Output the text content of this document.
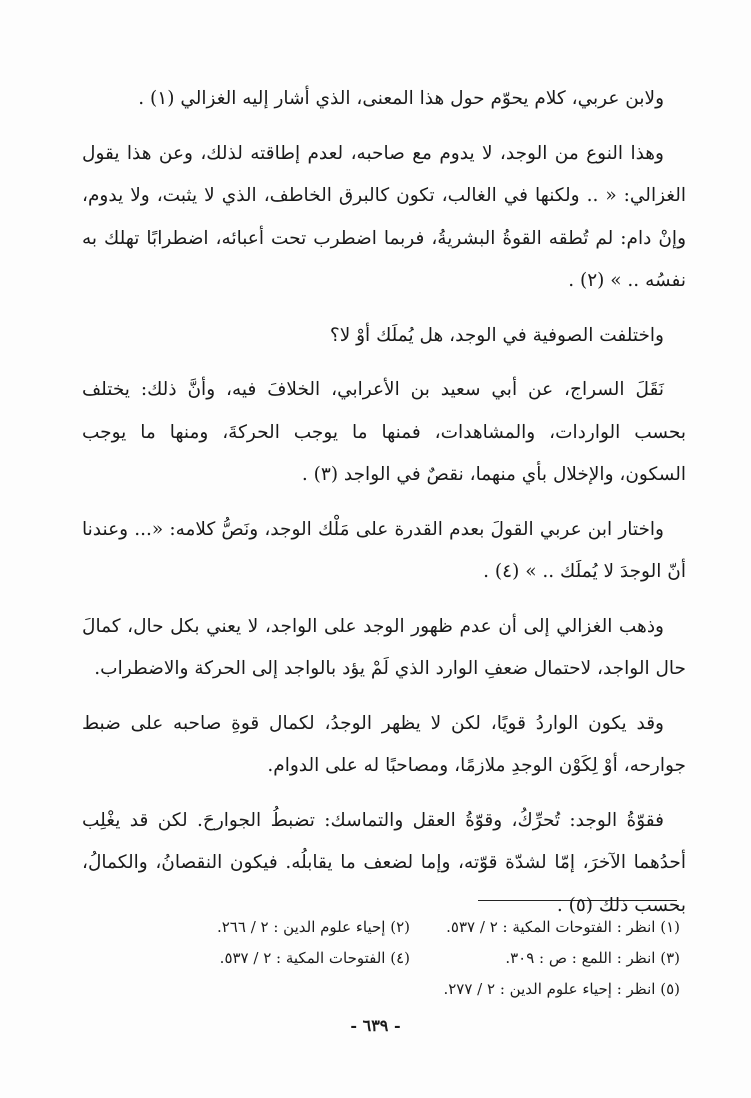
ولابن عربي، كلام يحوّم حول هذا المعنى، الذي أشار إليه الغزالي (١) .

وهذا النوع من الوجد، لا يدوم مع صاحبه، لعدم إطاقته لذلك، وعن هذا يقول الغزالي: « .. ولكنها في الغالب، تكون كالبرق الخاطف، الذي لا يثبت، ولا يدوم، وإنْ دام: لم تُطقه القوةُ البشريةُ، فربما اضطرب تحت أعبائه، اضطرابًا تهلك به نفسُه .. » (٢) .

واختلفت الصوفية في الوجد، هل يُملَك أوْ لا؟

نَقَلَ السراج، عن أبي سعيد بن الأعرابي، الخلافَ فيه، وأنَّ ذلك: يختلف بحسب الواردات، والمشاهدات، فمنها ما يوجب الحركةَ، ومنها ما يوجب السكون، والإخلال بأي منهما، نقصٌ في الواجد (٣) .

واختار ابن عربي القولَ بعدم القدرة على مَلْك الوجد، ونَصُّ كلامه: «... وعندنا أنّ الوجدَ لا يُملَك .. » (٤) .

وذهب الغزالي إلى أن عدم ظهور الوجد على الواجد، لا يعني بكل حال، كمالَ حال الواجد، لاحتمال ضعفِ الوارد الذي لَمْ يؤد بالواجد إلى الحركة والاضطراب.

وقد يكون الواردُ قويًا، لكن لا يظهر الوجدُ، لكمال قوةِ صاحبه على ضبط جوارحه، أوْ لِكَوْن الوجدِ ملازمًا، ومصاحبًا له على الدوام.

فقوّةُ الوجد: تُحرِّكُ، وقوّةُ العقل والتماسك: تضبطُ الجوارحَ. لكن قد يغْلِب أحدُهما الآخرَ، إمّا لشدّة قوّته، وإما لضعف ما يقابلُه. فيكون النقصانُ، والكمالُ، بحسب ذلك (٥) .

(١) انظر : الفتوحات المكية : ٢ / ٥٣٧.
(٢) إحياء علوم الدين : ٢ / ٢٦٦.
(٣) انظر : اللمع : ص : ٣٠٩.
(٤) الفتوحات المكية : ٢ / ٥٣٧.
(٥) انظر : إحياء علوم الدين : ٢ / ٢٧٧.
- ٦٣٩ -
